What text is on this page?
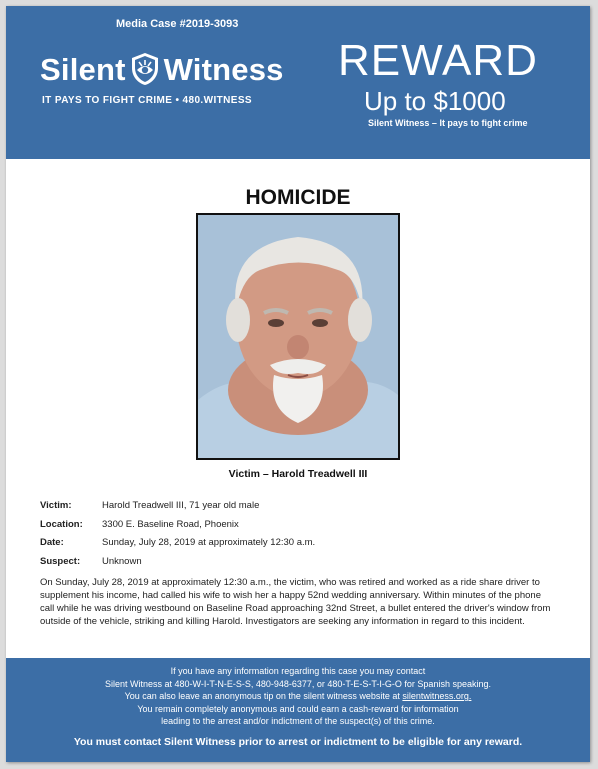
Media Case #2019-3093
Silent Witness
IT PAYS TO FIGHT CRIME • 480.WITNESS
REWARD
Up to $1000
Silent Witness – It pays to fight crime
HOMICIDE
Victim – Harold Treadwell III
Victim:	Harold Treadwell III, 71 year old male
Location:	3300 E. Baseline Road, Phoenix
Date:	Sunday, July 28, 2019 at approximately 12:30 a.m.
Suspect:	Unknown
On Sunday, July 28, 2019 at approximately 12:30 a.m., the victim, who was retired and worked as a ride share driver to supplement his income, had called his wife to wish her a happy 52nd wedding anniversary. Within minutes of the phone call while he was driving westbound on Baseline Road approaching 32nd Street, a bullet entered the driver's window from outside of the vehicle, striking and killing Harold. Investigators are seeking any information in regard to this incident.
If you have any information regarding this case you may contact
Silent Witness at 480-W-I-T-N-E-S-S, 480-948-6377, or 480-T-E-S-T-I-G-O for Spanish speaking.
You can also leave an anonymous tip on the silent witness website at silentwitness.org.
You remain completely anonymous and could earn a cash-reward for information
leading to the arrest and/or indictment of the suspect(s) of this crime.
You must contact Silent Witness prior to arrest or indictment to be eligible for any reward.
